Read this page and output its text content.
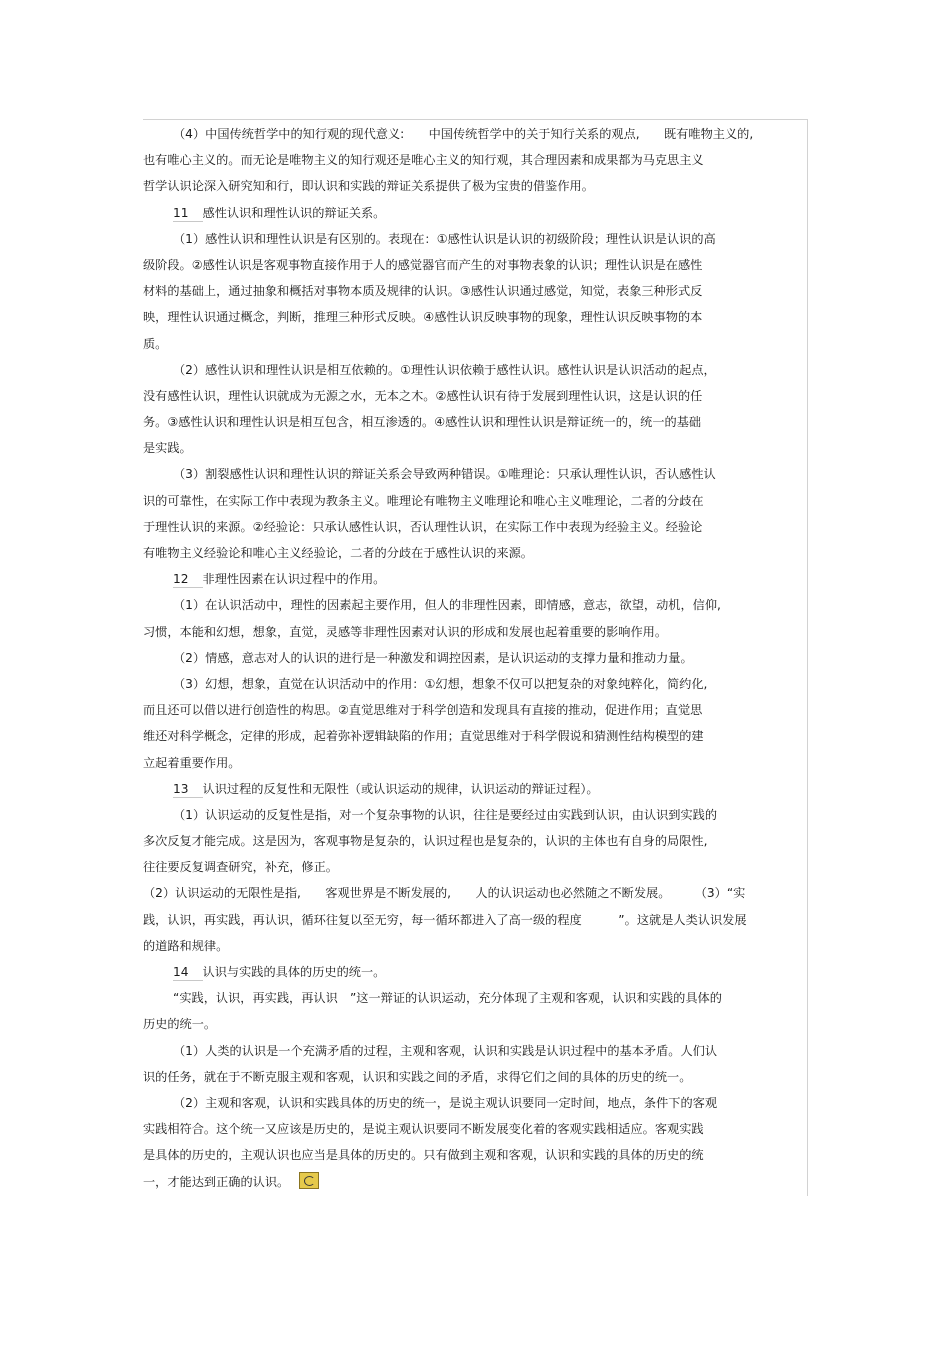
（4）中国传统哲学中的知行观的现代意义:　　中国传统哲学中的关于知行关系的观点,　　既有唯物主义的,
也有唯心主义的。而无论是唯物主义的知行观还是唯心主义的知行观，其合理因素和成果都为马克思主义
哲学认识论深入研究知和行，即认识和实践的辩证关系提供了极为宝贵的借鉴作用。
11 感性认识和理性认识的辩证关系。
（1）感性认识和理性认识是有区别的。表现在：①感性认识是认识的初级阶段；理性认识是认识的高
级阶段。②感性认识是客观事物直接作用于人的感觉器官而产生的对事物表象的认识；理性认识是在感性
材料的基础上，通过抽象和概括对事物本质及规律的认识。③感性认识通过感觉，知觉，表象三种形式反
映，理性认识通过概念，判断，推理三种形式反映。④感性认识反映事物的现象，理性认识反映事物的本
质。
（2）感性认识和理性认识是相互依赖的。①理性认识依赖于感性认识。感性认识是认识活动的起点，
没有感性认识，理性认识就成为无源之水，无本之木。②感性认识有待于发展到理性认识，这是认识的任
务。③感性认识和理性认识是相互包含，相互渗透的。④感性认识和理性认识是辩证统一的，统一的基础
是实践。
（3）割裂感性认识和理性认识的辩证关系会导致两种错误。①唯理论：只承认理性认识，否认感性认
识的可靠性，在实际工作中表现为教条主义。唯理论有唯物主义唯理论和唯心主义唯理论，二者的分歧在
于理性认识的来源。②经验论：只承认感性认识，否认理性认识，在实际工作中表现为经验主义。经验论
有唯物主义经验论和唯心主义经验论，二者的分歧在于感性认识的来源。
12 非理性因素在认识过程中的作用。
（1）在认识活动中，理性的因素起主要作用，但人的非理性因素，即情感，意志，欲望，动机，信仰,
习惯，本能和幻想，想象，直觉，灵感等非理性因素对认识的形成和发展也起着重要的影响作用。
（2）情感，意志对人的认识的进行是一种激发和调控因素，是认识运动的支撑力量和推动力量。
（3）幻想，想象，直觉在认识活动中的作用：①幻想，想象不仅可以把复杂的对象纯粹化，简约化,
而且还可以借以进行创造性的构思。②直觉思维对于科学创造和发现具有直接的推动，促进作用；直觉思
维还对科学概念，定律的形成，起着弥补逻辑缺陷的作用；直觉思维对于科学假说和猜测性结构模型的建
立起着重要作用。
13 认识过程的反复性和无限性（或认识运动的规律，认识运动的辩证过程）。
（1）认识运动的反复性是指，对一个复杂事物的认识，往往是要经过由实践到认识，由认识到实践的
多次反复才能完成。这是因为，客观事物是复杂的，认识过程也是复杂的，认识的主体也有自身的局限性,
往往要反复调查研究，补充，修正。
（2）认识运动的无限性是指,　　客观世界是不断发展的,　　人的认识运动也必然随之不断发展。　　　（3）“实
践，认识，再实践，再认识，循环往复以至无穷，每一循环都进入了高一级的程度　　　”。这就是人类认识发展
的道路和规律。
14 认识与实践的具体的历史的统一。
“实践，认识，再实践，再认识　”这一辩证的认识运动，充分体现了主观和客观，认识和实践的具体的
历史的统一。
（1）人类的认识是一个充满矛盾的过程，主观和客观，认识和实践是认识过程中的基本矛盾。人们认
识的任务，就在于不断克服主观和客观，认识和实践之间的矛盾，求得它们之间的具体的历史的统一。
（2）主观和客观，认识和实践具体的历史的统一，是说主观认识要同一定时间，地点，条件下的客观
实践相符合。这个统一又应该是历史的，是说主观认识要同不断发展变化着的客观实践相适应。客观实践
是具体的历史的，主观认识也应当是具体的历史的。只有做到主观和客观，认识和实践的具体的历史的统
一，才能达到正确的认识。
